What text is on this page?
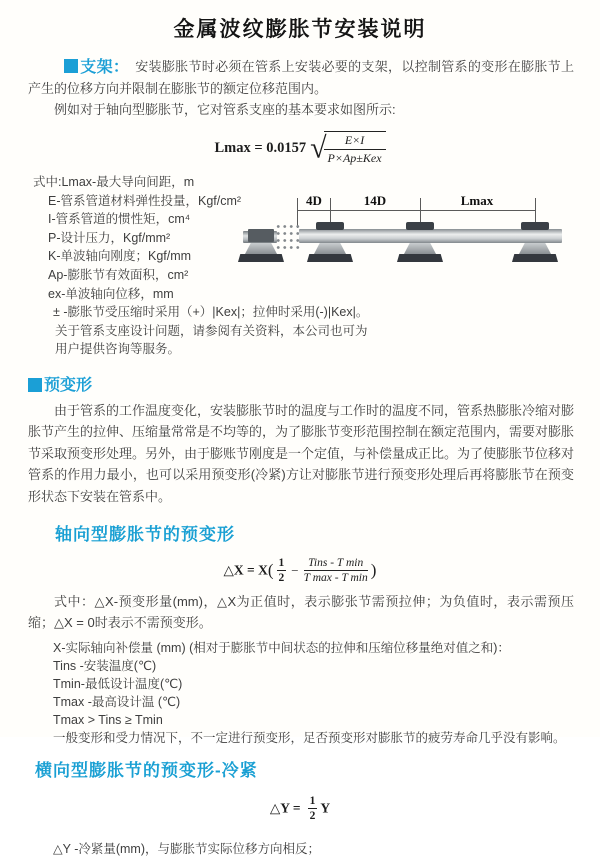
金属波纹膨胀节安装说明

支架： 安装膨胀节时必须在管系上安装必要的支架，以控制管系的变形在膨胀节上产生的位移方向并限制在膨胀节的额定位移范围内。

例如对于轴向型膨胀节，它对管系支座的基本要求如图所示:

Lmax = 0.0157 √
$\frac{E\times I}{\text{P×Ap±Kex}}$
式中:Lmax-最大导向间距，m
E-管系管道材料弹性投量，Kgf/cm²
I-管系管道的惯性矩，cm⁴
P-设计压力，Kgf/mm²
K-单波轴向刚度；Kgf/mm
Ap-膨胀节有效面积，cm²
ex-单波轴向位移，mm
± -膨胀节受压缩时采用（+）|Kex|；拉伸时采用(-)|Kex|。
关于管系支座设计问题，请参阅有关资料，本公司也可为用户提供咨询等服务。
4D	14D	Lmax
预变形

由于管系的工作温度变化，安装膨胀节时的温度与工作时的温度不同，管系热膨胀冷缩对膨胀节产生的拉伸、压缩量常常是不均等的，为了膨胀节变形范围控制在额定范围内，需要对膨胀节采取预变形处理。另外，由于膨账节刚度是一个定值，与补偿量成正比。为了使膨胀节位移对管系的作用力最小，也可以采用预变形(冷紧)方让对膨胀节进行预变形处理后再将膨胀节在预变形状态下安装在管系中。

轴向型膨胀节的预变形
△X = $X( \frac{1}{2} - \frac{\text{Tins - T min}}{\text{T max - T min}}$ )

式中：△X-预变形量(mm)，△X为正值时，表示膨张节需预拉伸；为负值时，表示需预压缩；△X = 0时表示不需预变形。

X-实际轴向补偿量 (mm) (相对于膨胀节中间状态的拉伸和压缩位移量绝对值之和)：
Tins -安装温度(℃)
Tmin-最低设计温度(℃)
Tmax -最高设计温 (℃)
Tmax > Tins ≥ Tmin
一般变形和受力情况下，不一定进行预变形，足否预变形对膨胀节的疲劳寿命几乎没有影响。
横向型膨胀节的预变形-冷紧
△Y = $\frac{1}{2}$ Y
△Y -冷紧量(mm)，与膨胀节实际位移方向相反；
